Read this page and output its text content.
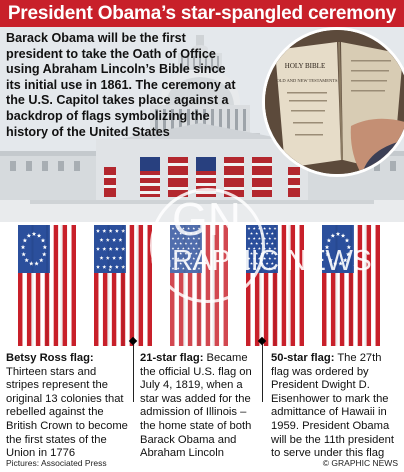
President Obama’s star-spangled ceremony
Barack Obama will be the first president to take the Oath of Office using Abraham Lincoln’s Bible since its initial use in 1861. The ceremony at the U.S. Capitol takes place against a backdrop of flags symbolizing the history of the United States
HOLY BIBLE
OLD AND NEW TESTAMENTS
GN
GRAPHIC NEWS
Betsy Ross flag: Thirteen stars and stripes represent the original 13 colonies that rebelled against the British Crown to become the first states of the Union in 1776
21-star flag: Became the official U.S. flag on July 4, 1819, when a star was added for the admission of Illinois – the home state of both Barack Obama and Abraham Lincoln
50-star flag: The 27th flag was ordered by President Dwight D. Eisenhower to mark the admittance of Hawaii in 1959. President Obama will be the 11th president to serve under this flag
Pictures: Associated Press	© GRAPHIC NEWS
